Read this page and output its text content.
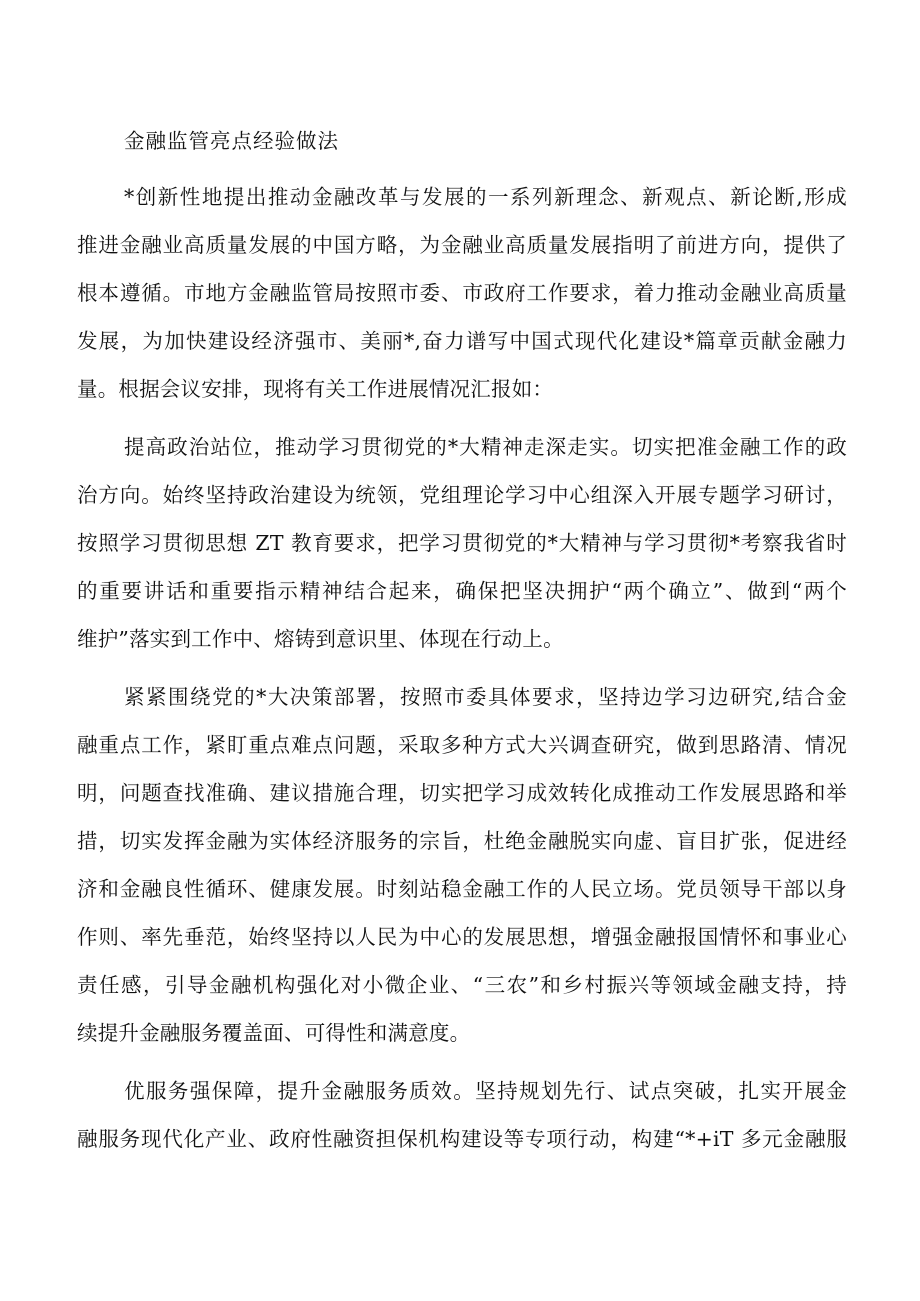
金融监管亮点经验做法
*创新性地提出推动金融改革与发展的一系列新理念、新观点、新论断,形成
推进金融业高质量发展的中国方略，为金融业高质量发展指明了前进方向，提供了
根本遵循。市地方金融监管局按照市委、市政府工作要求，着力推动金融业高质量
发展，为加快建设经济强市、美丽*,奋力谱写中国式现代化建设*篇章贡献金融力
量。根据会议安排，现将有关工作进展情况汇报如：
提高政治站位，推动学习贯彻党的*大精神走深走实。切实把准金融工作的政
治方向。始终坚持政治建设为统领，党组理论学习中心组深入开展专题学习研讨，
按照学习贯彻思想 ZT 教育要求，把学习贯彻党的*大精神与学习贯彻*考察我省时
的重要讲话和重要指示精神结合起来，确保把坚决拥护“两个确立”、做到“两个
维护”落实到工作中、熔铸到意识里、体现在行动上。
紧紧围绕党的*大决策部署，按照市委具体要求，坚持边学习边研究,结合金
融重点工作，紧盯重点难点问题，采取多种方式大兴调查研究，做到思路清、情况
明，问题查找准确、建议措施合理，切实把学习成效转化成推动工作发展思路和举
措，切实发挥金融为实体经济服务的宗旨，杜绝金融脱实向虚、盲目扩张，促进经
济和金融良性循环、健康发展。时刻站稳金融工作的人民立场。党员领导干部以身
作则、率先垂范，始终坚持以人民为中心的发展思想，增强金融报国情怀和事业心
责任感，引导金融机构强化对小微企业、“三农”和乡村振兴等领域金融支持，持
续提升金融服务覆盖面、可得性和满意度。
优服务强保障，提升金融服务质效。坚持规划先行、试点突破，扎实开展金
融服务现代化产业、政府性融资担保机构建设等专项行动，构建“*+iT 多元金融服
